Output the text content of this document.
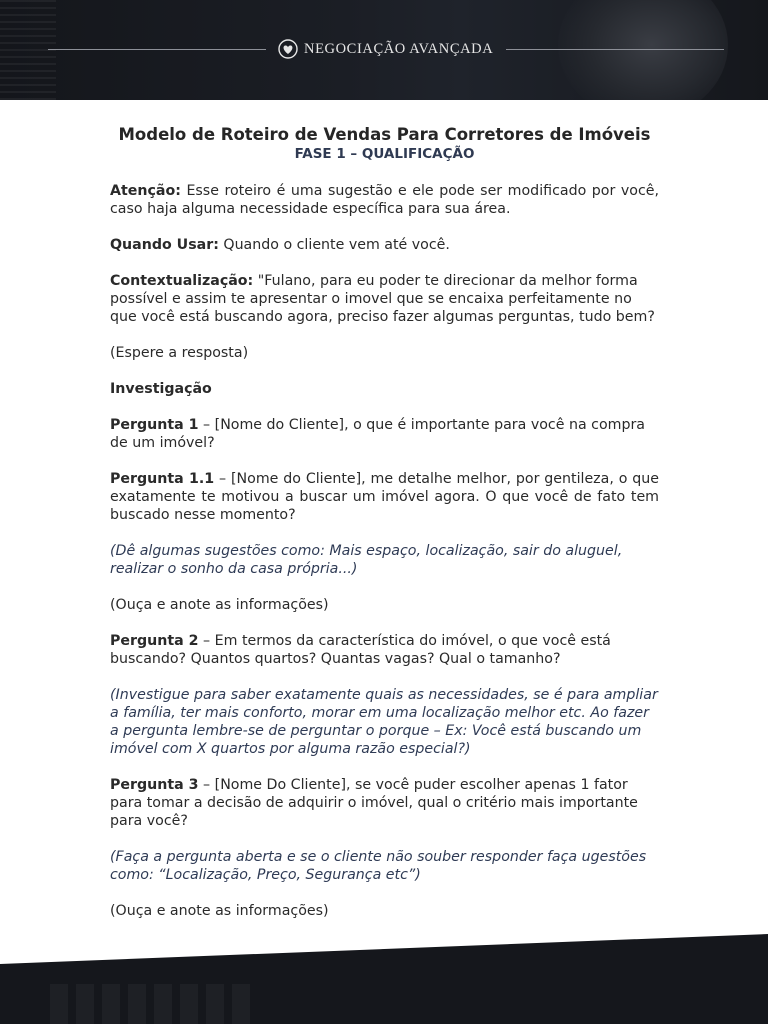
NEGOCIAÇÃO AVANÇADA
Modelo de Roteiro de Vendas Para Corretores de Imóveis
FASE 1 – QUALIFICAÇÃO

Atenção: Esse roteiro é uma sugestão e ele pode ser modificado por você, caso haja alguma necessidade específica para sua área.

Quando Usar: Quando o cliente vem até você.

Contextualização: "Fulano, para eu poder te direcionar da melhor forma possível e assim te apresentar o imovel que se encaixa perfeitamente no que você está buscando agora, preciso fazer algumas perguntas, tudo bem?

(Espere a resposta)

Investigação

Pergunta 1 – [Nome do Cliente], o que é importante para você na compra de um imóvel?

Pergunta 1.1 – [Nome do Cliente], me detalhe melhor, por gentileza, o que exatamente te motivou a buscar um imóvel agora. O que você de fato tem buscado nesse momento?

(Dê algumas sugestões como: Mais espaço, localização, sair do aluguel, realizar o sonho da casa própria...)

(Ouça e anote as informações)

Pergunta 2 – Em termos da característica do imóvel, o que você está buscando? Quantos quartos? Quantas vagas? Qual o tamanho?

(Investigue para saber exatamente quais as necessidades, se é para ampliar a família, ter mais conforto, morar em uma localização melhor etc. Ao fazer a pergunta lembre-se de perguntar o porque – Ex: Você está buscando um imóvel com X quartos por alguma razão especial?)

Pergunta 3 – [Nome Do Cliente], se você puder escolher apenas 1 fator para tomar a decisão de adquirir o imóvel, qual o critério mais importante para você?

(Faça a pergunta aberta e se o cliente não souber responder faça ugestões como: “Localização, Preço, Segurança etc”)

(Ouça e anote as informações)
